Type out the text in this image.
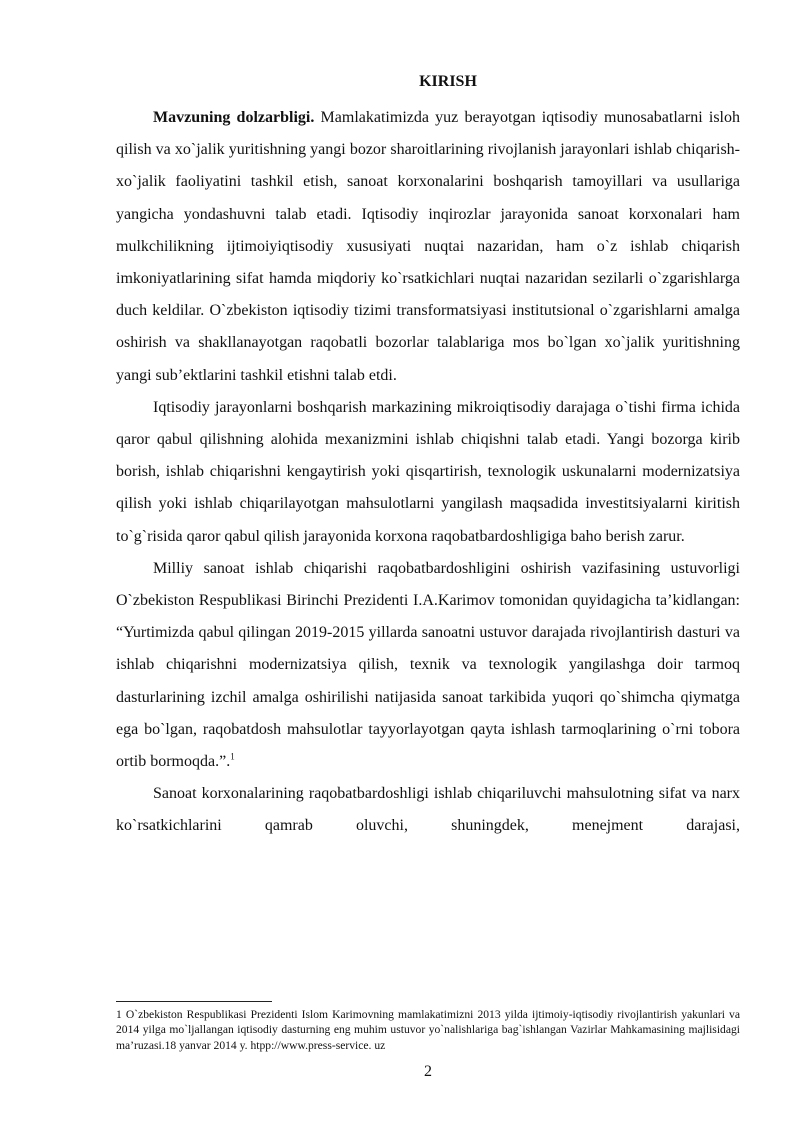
KIRISH

Mavzuning dolzarbligi. Mamlakatimizda yuz berayotgan iqtisodiy munosabatlarni isloh qilish va xo`jalik yuritishning yangi bozor sharoitlarining rivojlanish jarayonlari ishlab chiqarish-xo`jalik faoliyatini tashkil etish, sanoat korxonalarini boshqarish tamoyillari va usullariga yangicha yondashuvni talab etadi. Iqtisodiy inqirozlar jarayonida sanoat korxonalari ham mulkchilikning ijtimoiyiqtisodiy xususiyati nuqtai nazaridan, ham o`z ishlab chiqarish imkoniyatlarining sifat hamda miqdoriy ko`rsatkichlari nuqtai nazaridan sezilarli o`zgarishlarga duch keldilar. O`zbekiston iqtisodiy tizimi transformatsiyasi institutsional o`zgarishlarni amalga oshirish va shakllanayotgan raqobatli bozorlar talablariga mos bo`lgan xo`jalik yuritishning yangi sub’ektlarini tashkil etishni talab etdi.

Iqtisodiy jarayonlarni boshqarish markazining mikroiqtisodiy darajaga o`tishi firma ichida qaror qabul qilishning alohida mexanizmini ishlab chiqishni talab etadi. Yangi bozorga kirib borish, ishlab chiqarishni kengaytirish yoki qisqartirish, texnologik uskunalarni modernizatsiya qilish yoki ishlab chiqarilayotgan mahsulotlarni yangilash maqsadida investitsiyalarni kiritish to`g`risida qaror qabul qilish jarayonida korxona raqobatbardoshligiga baho berish zarur.

Milliy sanoat ishlab chiqarishi raqobatbardoshligini oshirish vazifasining ustuvorligi O`zbekiston Respublikasi Birinchi Prezidenti I.A.Karimov tomonidan quyidagicha ta’kidlangan: “Yurtimizda qabul qilingan 2019-2015 yillarda sanoatni ustuvor darajada rivojlantirish dasturi va ishlab chiqarishni modernizatsiya qilish, texnik va texnologik yangilashga doir tarmoq dasturlarining izchil amalga oshirilishi natijasida sanoat tarkibida yuqori qo`shimcha qiymatga ega bo`lgan, raqobatdosh mahsulotlar tayyorlayotgan qayta ishlash tarmoqlarining o`rni tobora ortib bormoqda.”.$^1$

Sanoat korxonalarining raqobatbardoshligi ishlab chiqariluvchi mahsulotning sifat va narx ko`rsatkichlarini qamrab oluvchi, shuningdek, menejment darajasi,

1 O`zbekiston Respublikasi Prezidenti Islom Karimovning mamlakatimizni 2013 yilda ijtimoiy-iqtisodiy rivojlantirish yakunlari va 2014 yilga mo`ljallangan iqtisodiy dasturning eng muhim ustuvor yo`nalishlariga bag`ishlangan Vazirlar Mahkamasining majlisidagi ma’ruzasi.18 yanvar 2014 y. htpp://www.press-service. uz

2
